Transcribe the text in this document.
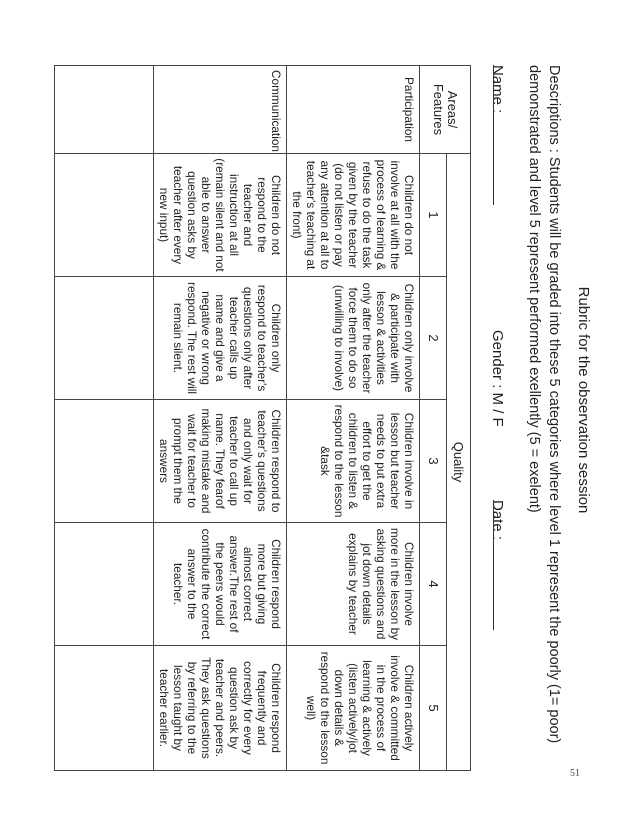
Rubric for the observation session
Descriptions : Students will be graded into these 5 categories where level 1 represent the poorly (1= poor)
demonstrated and level 5 represent performed exellently (5 = exelent)
Name :
Gender : M / F
Date :
Areas/ Features	Quality				
	1	2	3	4	5
Participation	Children do not involve at all with the process of learning & refuse to do the task given by the teacher (do not listen or pay any attention at all to teacher's teaching at the front)	Children only involve & participate with lesson & activities only after the teacher force them to do so (unwilling to involve)	Children involve in lesson but teacher needs to put extra effort to get the children to listen & respond to the lesson &task	Children involve more in the lesson by asking questions and jot down details explains by teacher	Children actively involve & committed in the process of learning & actively (listen actively/jot down details & respond to the lesson well)
Communication	Children do not respond to the teacher and instruction at all (remain silent and not able to answer question asks by teacher after every new input)	Children only respond to teacher's questions only after teacher calls up name and give a negative or wrong respond. The rest will remain silent.	Children respond to teacher's questions and only wait for teacher to call up name. They fearof making mistake and wait for teacher to prompt them the answers	Children respond more but giving almost correct answer.The rest of the peers would contribute the correct answer to the teacher.	Children respond frequently and correctly for every question ask by teacher and peers. They ask questions by referring to the lesson taught by teacher earlier.

51
